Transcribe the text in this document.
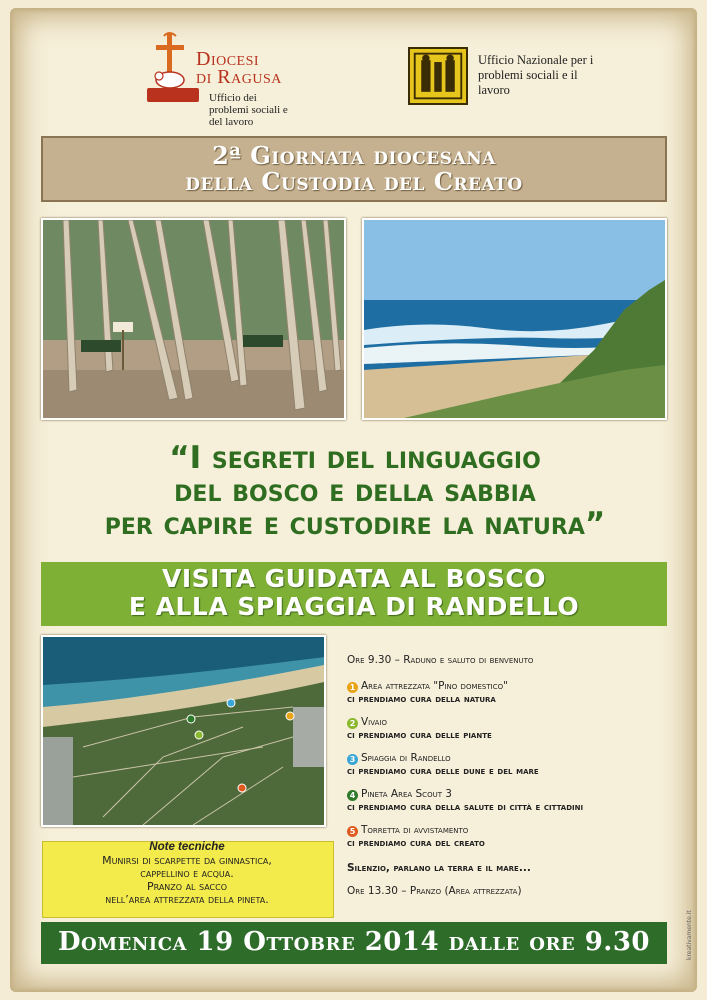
Diocesi
di Ragusa
Ufficio dei problemi sociali e del lavoro
Ufficio Nazionale per i problemi sociali e il lavoro
2ª Giornata diocesana
della Custodia del Creato
“I segreti del linguaggio
del bosco e della sabbia
per capire e custodire la natura”
VISITA GUIDATA AL BOSCO
E ALLA SPIAGGIA DI RANDELLO
Note tecniche
Munirsi di scarpette da ginnastica,
cappellino e acqua.
Pranzo al sacco
nell’area attrezzata della pineta.
Ore 9.30 – Raduno e saluto di benvenuto
1 Area attrezzata "Pino domestico"
ci prendiamo cura della natura
2 Vivaio
ci prendiamo cura delle piante
3 Spiaggia di Randello
ci prendiamo cura delle dune e del mare
4 Pineta Area Scout 3
ci prendiamo cura della salute di città e cittadini
5 Torretta di avvistamento
ci prendiamo cura del creato
Silenzio, parlano la terra e il mare...
Ore 13.30 – Pranzo (Area attrezzata)
Domenica 19 Ottobre 2014 dalle ore 9.30	kreativamente.it
